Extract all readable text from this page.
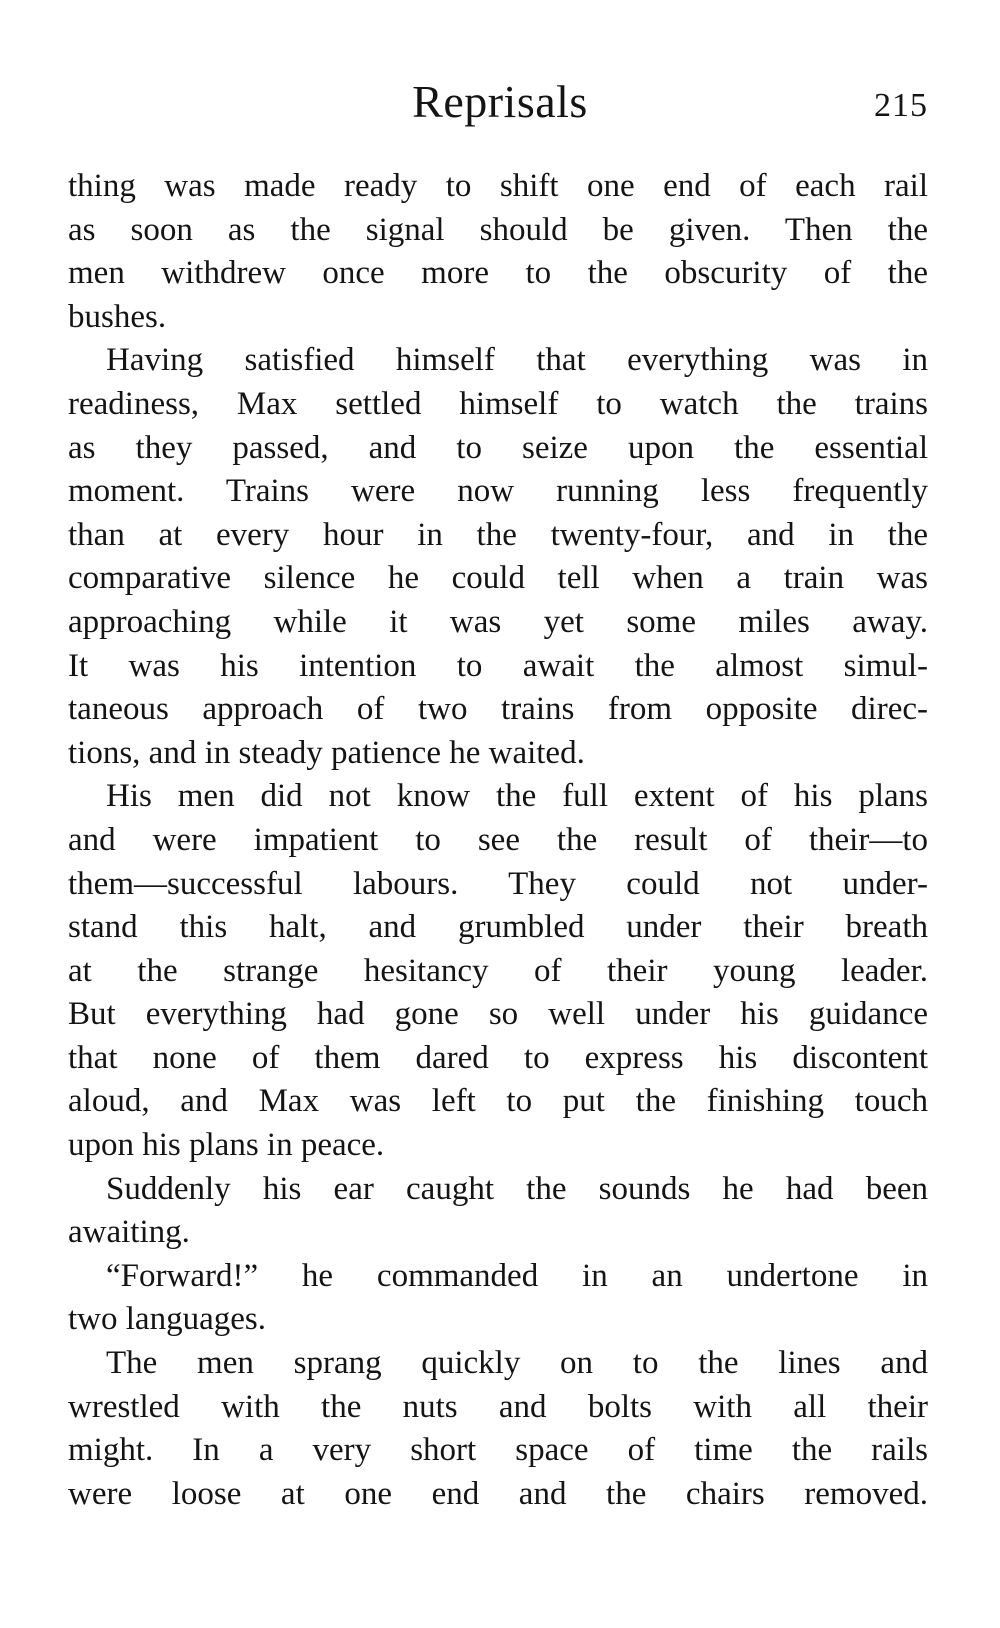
Reprisals	215
thing was made ready to shift one end of each rail
as soon as the signal should be given. Then the
men withdrew once more to the obscurity of the
bushes.
Having satisfied himself that everything was in
readiness, Max settled himself to watch the trains
as they passed, and to seize upon the essential
moment. Trains were now running less frequently
than at every hour in the twenty-four, and in the
comparative silence he could tell when a train was
approaching while it was yet some miles away.
It was his intention to await the almost simul-
taneous approach of two trains from opposite direc-
tions, and in steady patience he waited.
His men did not know the full extent of his plans
and were impatient to see the result of their—to
them—successful labours. They could not under-
stand this halt, and grumbled under their breath
at the strange hesitancy of their young leader.
But everything had gone so well under his guidance
that none of them dared to express his discontent
aloud, and Max was left to put the finishing touch
upon his plans in peace.
Suddenly his ear caught the sounds he had been
awaiting.
“Forward!” he commanded in an undertone in
two languages.
The men sprang quickly on to the lines and
wrestled with the nuts and bolts with all their
might. In a very short space of time the rails
were loose at one end and the chairs removed.
